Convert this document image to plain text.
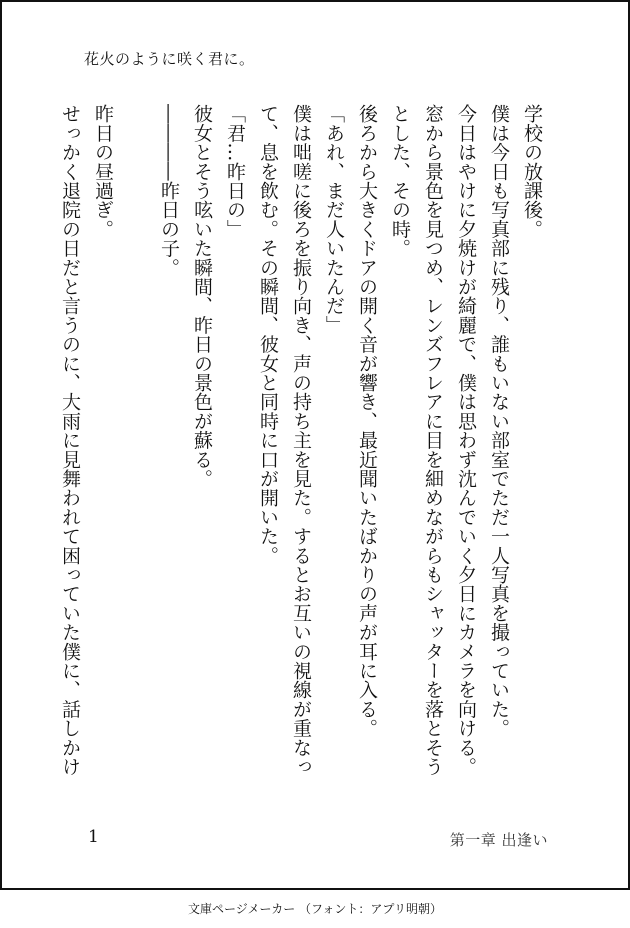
花火のように咲く君に。
学校の放課後。
僕は今日も写真部に残り、誰もいない部室でただ一人写真を撮っていた。
今日はやけに夕焼けが綺麗で、僕は思わず沈んでいく夕日にカメラを向ける。
窓から景色を見つめ、レンズフレアに目を細めながらもシャッターを落とそう
とした、その時。
後ろから大きくドアの開く音が響き、最近聞いたばかりの声が耳に入る。
「あれ、まだ人いたんだ」
僕は咄嗟に後ろを振り向き、声の持ち主を見た。するとお互いの視線が重なっ
て、息を飲む。その瞬間、彼女と同時に口が開いた。
「君…昨日の」
彼女とそう呟いた瞬間、昨日の景色が蘇る。
――――昨日の子。
昨日の昼過ぎ。
せっかく退院の日だと言うのに、大雨に見舞われて困っていた僕に、話しかけ
1	第一章 出逢い
文庫ページメーカー （フォント：アプリ明朝）
